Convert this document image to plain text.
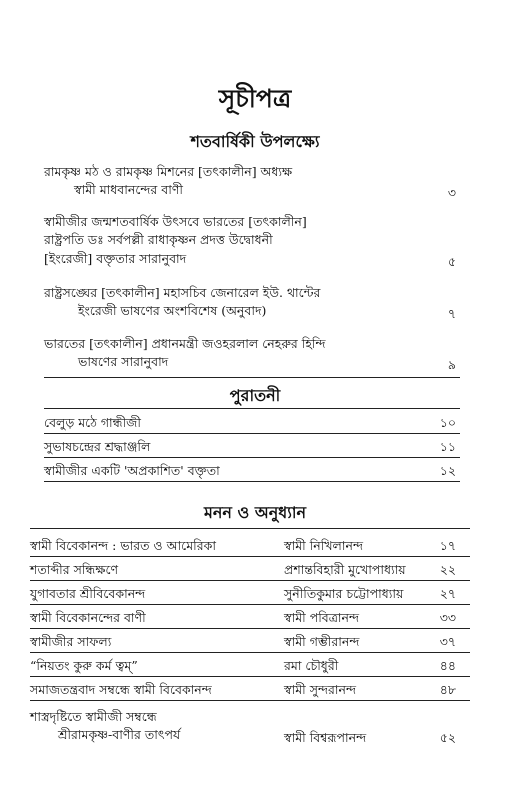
সূচীপত্র
শতবার্ষিকী উপলক্ষ্যে
রামকৃষ্ণ মঠ ও রামকৃষ্ণ মিশনের [তৎকালীন] অধ্যক্ষ
স্বামী মাধবানন্দের বাণী	৩
স্বামীজীর জন্মশতবার্ষিক উৎসবে ভারতের [তৎকালীন]
রাষ্ট্রপতি ডঃ সর্বপল্লী রাধাকৃষ্ণন প্রদত্ত উদ্বোধনী
[ইংরেজী] বক্তৃতার সারানুবাদ	৫
রাষ্ট্রসঙ্ঘের [তৎকালীন] মহাসচিব জেনারেল ইউ. থান্টের
ইংরেজী ভাষণের অংশবিশেষ (অনুবাদ)	৭
ভারতের [তৎকালীন] প্রধানমন্ত্রী জওহরলাল নেহরুর হিন্দি
ভাষণের সারানুবাদ	৯
পুরাতনী
বেলুড় মঠে গান্ধীজী	১০
সুভাষচন্দ্রের শ্রদ্ধাঞ্জলি	১১
স্বামীজীর একটি 'অপ্রকাশিত' বক্তৃতা	১২
মনন ও অনুধ্যান
স্বামী বিবেকানন্দ : ভারত ও আমেরিকা	স্বামী নিখিলানন্দ	১৭
শতাব্দীর সন্ধিক্ষণে	প্রশান্তবিহারী মুখোপাধ্যায়	২২
যুগাবতার শ্রীবিবেকানন্দ	সুনীতিকুমার চট্টোপাধ্যায়	২৭
স্বামী বিবেকানন্দের বাণী	স্বামী পবিত্রানন্দ	৩৩
স্বামীজীর সাফল্য	স্বামী গম্ভীরানন্দ	৩৭
“নিয়তং কুরু কর্ম ত্বম্”	রমা চৌধুরী	৪৪
সমাজতন্ত্রবাদ সম্বন্ধে স্বামী বিবেকানন্দ	স্বামী সুন্দরানন্দ	৪৮
শাস্ত্রদৃষ্টিতে স্বামীজী সম্বন্ধে
শ্রীরামকৃষ্ণ-বাণীর তাৎপর্য	স্বামী বিশ্বরূপানন্দ	৫২
